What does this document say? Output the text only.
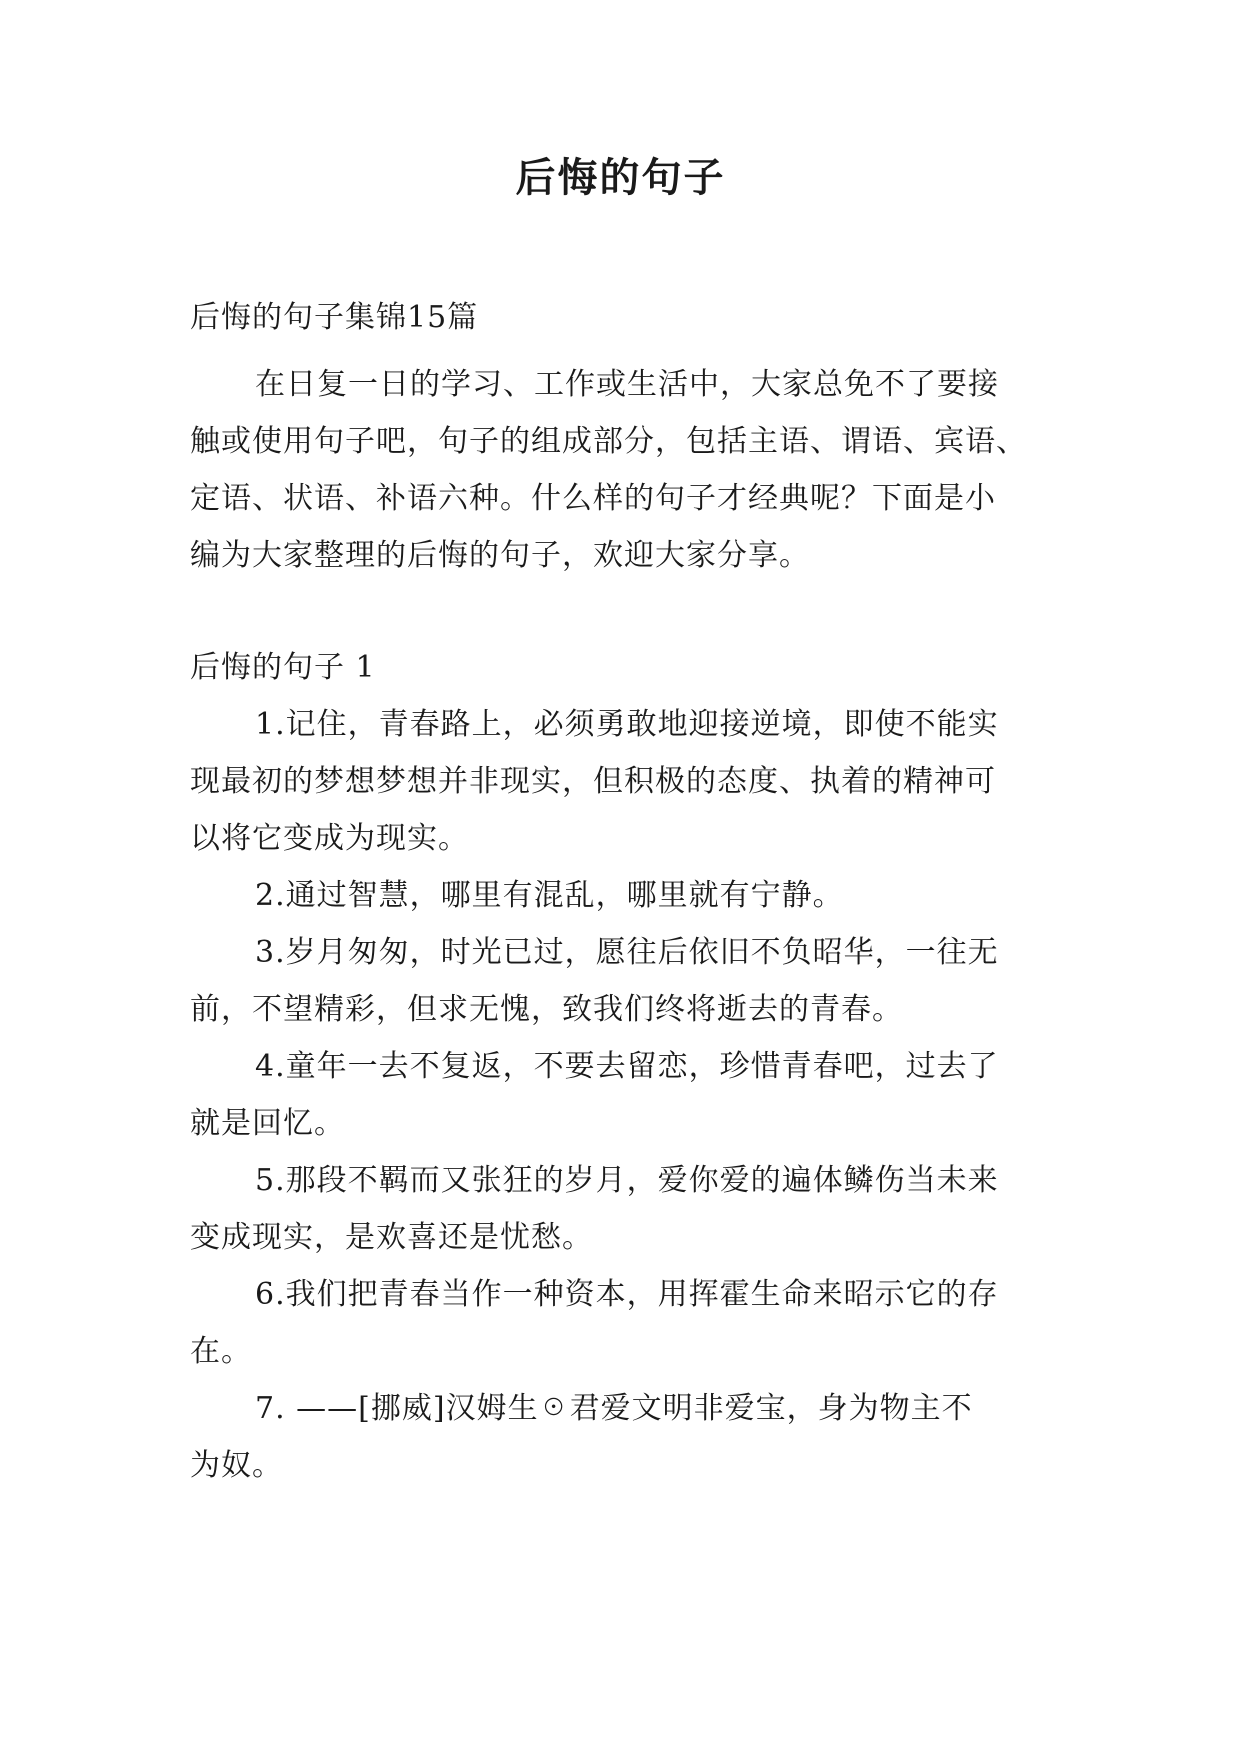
后悔的句子
后悔的句子集锦15篇
在日复一日的学习、工作或生活中，大家总免不了要接
触或使用句子吧，句子的组成部分，包括主语、谓语、宾语、
定语、状语、补语六种。什么样的句子才经典呢？下面是小
编为大家整理的后悔的句子，欢迎大家分享。
后悔的句子 1
1.记住，青春路上，必须勇敢地迎接逆境，即使不能实
现最初的梦想梦想并非现实，但积极的态度、执着的精神可
以将它变成为现实。
2.通过智慧，哪里有混乱，哪里就有宁静。
3.岁月匆匆，时光已过，愿往后依旧不负昭华，一往无
前，不望精彩，但求无愧，致我们终将逝去的青春。
4.童年一去不复返，不要去留恋，珍惜青春吧，过去了
就是回忆。
5.那段不羁而又张狂的岁月，爱你爱的遍体鳞伤当未来
变成现实，是欢喜还是忧愁。
6.我们把青春当作一种资本，用挥霍生命来昭示它的存
在。
7. ——[挪威]汉姆生☉君爱文明非爱宝，身为物主不
为奴。
